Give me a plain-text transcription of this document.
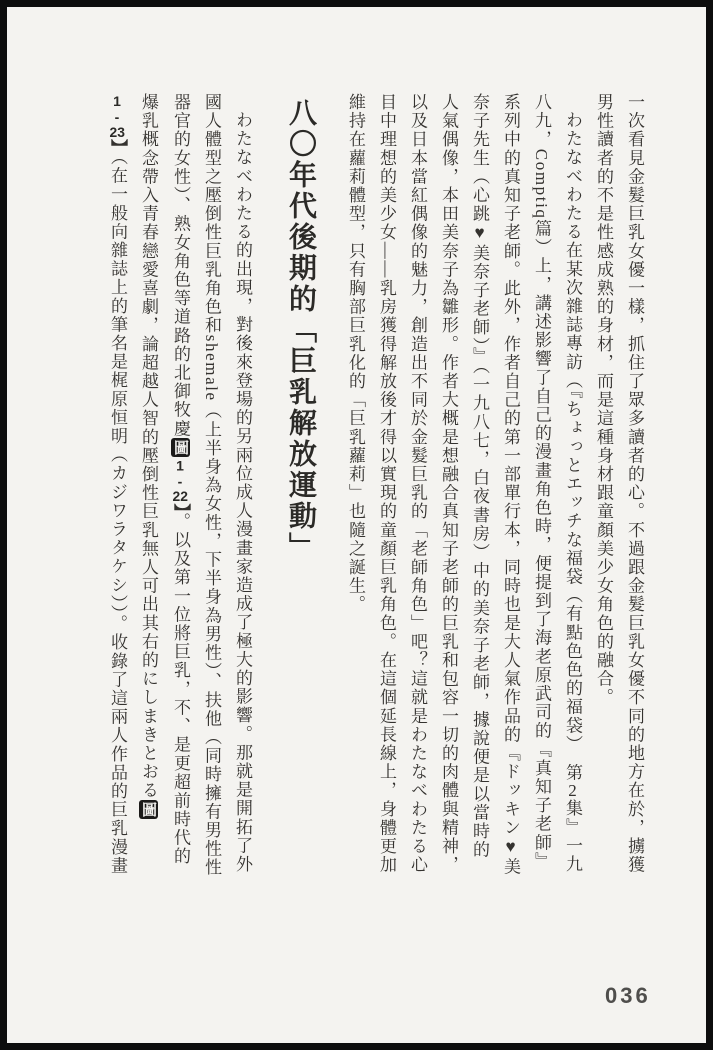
一次看見金髮巨乳女優一樣，抓住了眾多讀者的心。不過跟金髮巨乳女優不同的地方在於，擄獲男性讀者的不是性感成熟的身材，而是這種身材跟童顏美少女角色的融合。

わたなべわたる在某次雜誌專訪（『ちょっとエッチな福袋（有點色色的福袋）　第2集』一九八九，Comptiq篇）上，講述影響了自己的漫畫角色時，便提到了海老原武司的『真知子老師』系列中的真知子老師。此外，作者自己的第一部單行本，同時也是大人氣作品的『ドッキン♥美奈子先生（心跳♥美奈子老師）』（一九八七，白夜書房）中的美奈子老師，據說便是以當時的人氣偶像，本田美奈子為雛形。作者大概是想融合真知子老師的巨乳和包容一切的肉體與精神，以及日本當紅偶像的魅力，創造出不同於金髮巨乳的「老師角色」吧？這就是わたなべわたる心目中理想的美少女——乳房獲得解放後才得以實現的童顏巨乳角色。在這個延長線上，身體更加維持在蘿莉體型，只有胸部巨乳化的「巨乳蘿莉」也隨之誕生。

八〇年代後期的「巨乳解放運動」

わたなべわたる的出現，對後來登場的另兩位成人漫畫家造成了極大的影響。那就是開拓了外國人體型之壓倒性巨乳角色和shemale（上半身為女性，下半身為男性）、扶他（同時擁有男性性器官的女性）、熟女角色等道路的北御牧慶圖1-22】。以及第一位將巨乳，不、是更超前時代的爆乳概念帶入青春戀愛喜劇，論超越人智的壓倒性巨乳無人可出其右的にしまきとおる圖1-23】（在一般向雜誌上的筆名是梶原恒明（カジワラタケシ））。收錄了這兩人作品的巨乳漫畫

036
